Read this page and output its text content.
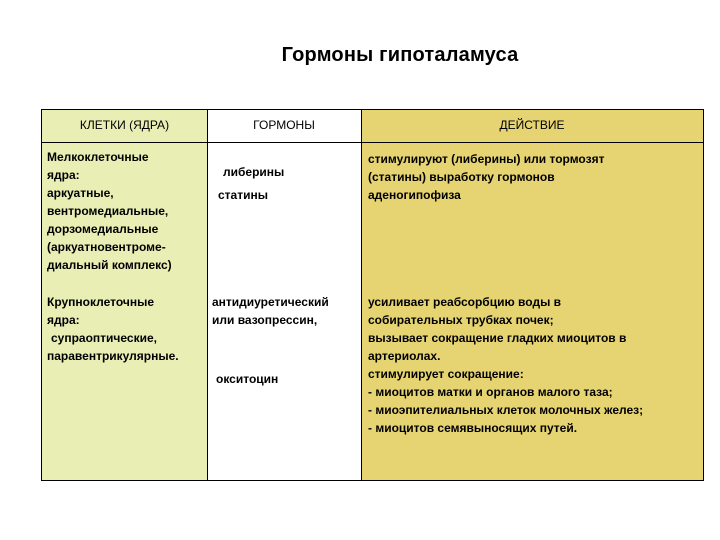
Гормоны гипоталамуса
КЛЕТКИ (ЯДРА)	ГОРМОНЫ	ДЕЙСТВИЕ
Мелкоклеточные
ядра:
аркуатные,
вентромедиальные,
дорзомедиальные
(аркуатновентроме-
диальный комплекс)
либерины
статины
стимулируют (либерины) или тормозят
(статины) выработку гормонов
аденогипофиза
Крупноклеточные
ядра:
супраоптические,
паравентрикулярные.
антидиуретический
или вазопрессин,
окситоцин
усиливает реабсорбцию воды в
собирательных трубках почек;
вызывает сокращение гладких миоцитов в
артериолах.
стимулирует сокращение:
- миоцитов матки и органов малого таза;
- миоэпителиальных клеток молочных желез;
- миоцитов семявыносящих путей.
